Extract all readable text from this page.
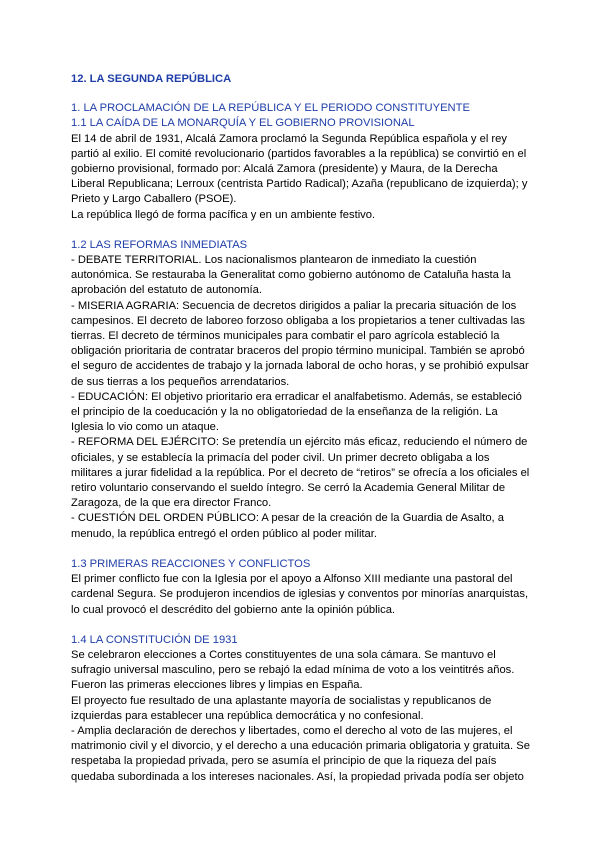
12. LA SEGUNDA REPÚBLICA
1. LA PROCLAMACIÓN DE LA REPÚBLICA Y EL PERIODO CONSTITUYENTE
1.1 LA CAÍDA DE LA MONARQUÍA Y EL GOBIERNO PROVISIONAL

El 14 de abril de 1931, Alcalá Zamora proclamó la Segunda República española y el rey partió al exilio. El comité revolucionario (partidos favorables a la república) se convirtió en el gobierno provisional, formado por: Alcalá Zamora (presidente) y Maura, de la Derecha Liberal Republicana; Lerroux (centrista Partido Radical); Azaña (republicano de izquierda); y Prieto y Largo Caballero (PSOE).

La república llegó de forma pacífica y en un ambiente festivo.

1.2 LAS REFORMAS INMEDIATAS

- DEBATE TERRITORIAL. Los nacionalismos plantearon de inmediato la cuestión autonómica. Se restauraba la Generalitat como gobierno autónomo de Cataluña hasta la aprobación del estatuto de autonomía.

- MISERIA AGRARIA: Secuencia de decretos dirigidos a paliar la precaria situación de los campesinos. El decreto de laboreo forzoso obligaba a los propietarios a tener cultivadas las tierras. El decreto de términos municipales para combatir el paro agrícola estableció la obligación prioritaria de contratar braceros del propio término municipal. También se aprobó el seguro de accidentes de trabajo y la jornada laboral de ocho horas, y se prohibió expulsar de sus tierras a los pequeños arrendatarios.

- EDUCACIÓN: El objetivo prioritario era erradicar el analfabetismo. Además, se estableció el principio de la coeducación y la no obligatoriedad de la enseñanza de la religión. La Iglesia lo vio como un ataque.

- REFORMA DEL EJÉRCITO: Se pretendía un ejército más eficaz, reduciendo el número de oficiales, y se establecía la primacía del poder civil. Un primer decreto obligaba a los militares a jurar fidelidad a la república. Por el decreto de “retiros” se ofrecía a los oficiales el retiro voluntario conservando el sueldo íntegro. Se cerró la Academia General Militar de Zaragoza, de la que era director Franco.

- CUESTIÓN DEL ORDEN PÚBLICO: A pesar de la creación de la Guardia de Asalto, a menudo, la república entregó el orden público al poder militar.

1.3 PRIMERAS REACCIONES Y CONFLICTOS

El primer conflicto fue con la Iglesia por el apoyo a Alfonso XIII mediante una pastoral del cardenal Segura. Se produjeron incendios de iglesias y conventos por minorías anarquistas, lo cual provocó el descrédito del gobierno ante la opinión pública.

1.4 LA CONSTITUCIÓN DE 1931

Se celebraron elecciones a Cortes constituyentes de una sola cámara. Se mantuvo el sufragio universal masculino, pero se rebajó la edad mínima de voto a los veintitrés años. Fueron las primeras elecciones libres y limpias en España.

El proyecto fue resultado de una aplastante mayoría de socialistas y republicanos de izquierdas para establecer una república democrática y no confesional.

- Amplia declaración de derechos y libertades, como el derecho al voto de las mujeres, el matrimonio civil y el divorcio, y el derecho a una educación primaria obligatoria y gratuita. Se respetaba la propiedad privada, pero se asumía el principio de que la riqueza del país quedaba subordinada a los intereses nacionales. Así, la propiedad privada podía ser objeto
